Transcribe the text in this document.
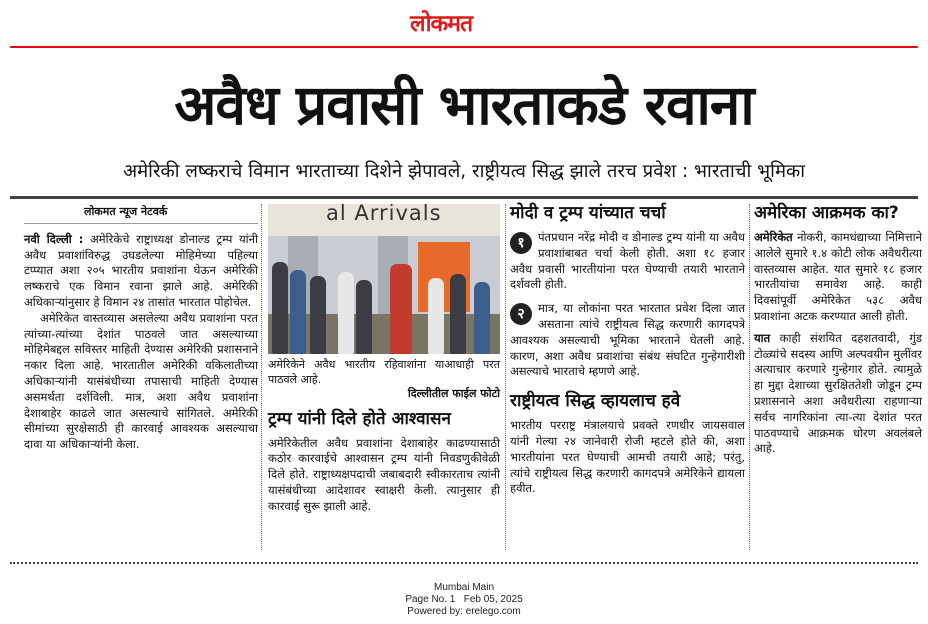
लोकमत
अवैध प्रवासी भारताकडे रवाना
अमेरिकी लष्कराचे विमान भारताच्या दिशेने झेपावले, राष्ट्रीयत्व सिद्ध झाले तरच प्रवेश : भारताची भूमिका
लोकमत न्यूज नेटवर्क

नवी दिल्ली : अमेरिकेचे राष्ट्राध्यक्ष डोनाल्ड ट्रम्प यांनी अवैध प्रवाशांविरुद्ध उघडलेल्या मोहिमेच्या पहिल्या टप्प्यात अशा २०५ भारतीय प्रवाशांना घेऊन अमेरिकी लष्कराचे एक विमान रवाना झाले आहे. अमेरिकी अधिकाऱ्यांनुसार हे विमान २४ तासांत भारतात पोहोचेल.

अमेरिकेत वास्तव्यास असलेल्या अवैध प्रवाशांना परत त्यांच्या-त्यांच्या देशांत पाठवले जात असल्याच्या मोहिमेबद्दल सविस्तर माहिती देण्यास अमेरिकी प्रशासनाने नकार दिला आहे. भारतातील अमेरिकी वकिलातीच्या अधिकाऱ्यांनी यासंबंधीच्या तपासाची माहिती देण्यास असमर्थता दर्शविली. मात्र, अशा अवैध प्रवाशांना देशाबाहेर काढले जात असल्याचे सांगितले. अमेरिकी सीमांच्या सुरक्षेसाठी ही कारवाई आवश्यक असल्याचा दावा या अधिकाऱ्यांनी केला.

al Arrivals
अमेरिकेने अवैध भारतीय रहिवाशांना याआधाही परत पाठवले आहे.
दिल्लीतील फाईल फोटो
ट्रम्प यांनी दिले होते आश्वासन

अमेरिकेतील अवैध प्रवाशांना देशाबाहेर काढण्यासाठी कठोर कारवाईचे आश्वासन ट्रम्प यांनी निवडणुकीवेळी दिले होते. राष्ट्राध्यक्षपदाची जबाबदारी स्वीकारताच त्यांनी यासंबंधीच्या आदेशावर स्वाक्षरी केली. त्यानुसार ही कारवाई सुरू झाली आहे.

मोदी व ट्रम्प यांच्यात चर्चा
१	पंतप्रधान नरेंद्र मोदी व डोनाल्ड ट्रम्प यांनी या अवैध प्रवाशांबाबत चर्चा केली होती. अशा १८ हजार अवैध प्रवासी भारतीयांना परत घेण्याची तयारी भारताने दर्शवली होती.
२	मात्र, या लोकांना परत भारतात प्रवेश दिला जात असताना त्यांचे राष्ट्रीयत्व सिद्ध करणारी कागदपत्रे आवश्यक असल्याची भूमिका भारताने घेतली आहे. कारण, अशा अवैध प्रवाशांचा संबंध संघटित गुन्हेगारीशी असल्याचे भारताचे म्हणणे आहे.
राष्ट्रीयत्व सिद्ध व्हायलाच हवे

भारतीय परराष्ट्र मंत्रालयाचे प्रवक्ते रणधीर जायसवाल यांनी गेल्या २४ जानेवारी रोजी म्हटले होते की, अशा भारतीयांना परत घेण्याची आमची तयारी आहे; परंतु, त्यांचे राष्ट्रीयत्व सिद्ध करणारी कागदपत्रे अमेरिकेने द्यायला हवीत.

अमेरिका आक्रमक का?

अमेरिकेत नोकरी, कामधंद्याच्या निमित्ताने आलेले सुमारे १.४ कोटी लोक अवैधरीत्या वास्तव्यास आहेत. यात सुमारे १८ हजार भारतीयांचा समावेश आहे. काही दिवसांपूर्वी अमेरिकेत ५३८ अवैध प्रवाशांना अटक करण्यात आली होती.

यात काही संशयित दहशतवादी, गुंड टोळ्यांचे सदस्य आणि अल्पवयीन मुलींवर अत्याचार करणारे गुन्हेगार होते. त्यामुळे हा मुद्दा देशाच्या सुरक्षिततेशी जोडून ट्रम्प प्रशासनाने अशा अवैधरीत्या राहणाऱ्या सर्वच नागरिकांना त्या-त्या देशांत परत पाठवण्याचे आक्रमक धोरण अवलंबले आहे.

Mumbai Main
Page No. 1 Feb 05, 2025
Powered by: erelego.com
